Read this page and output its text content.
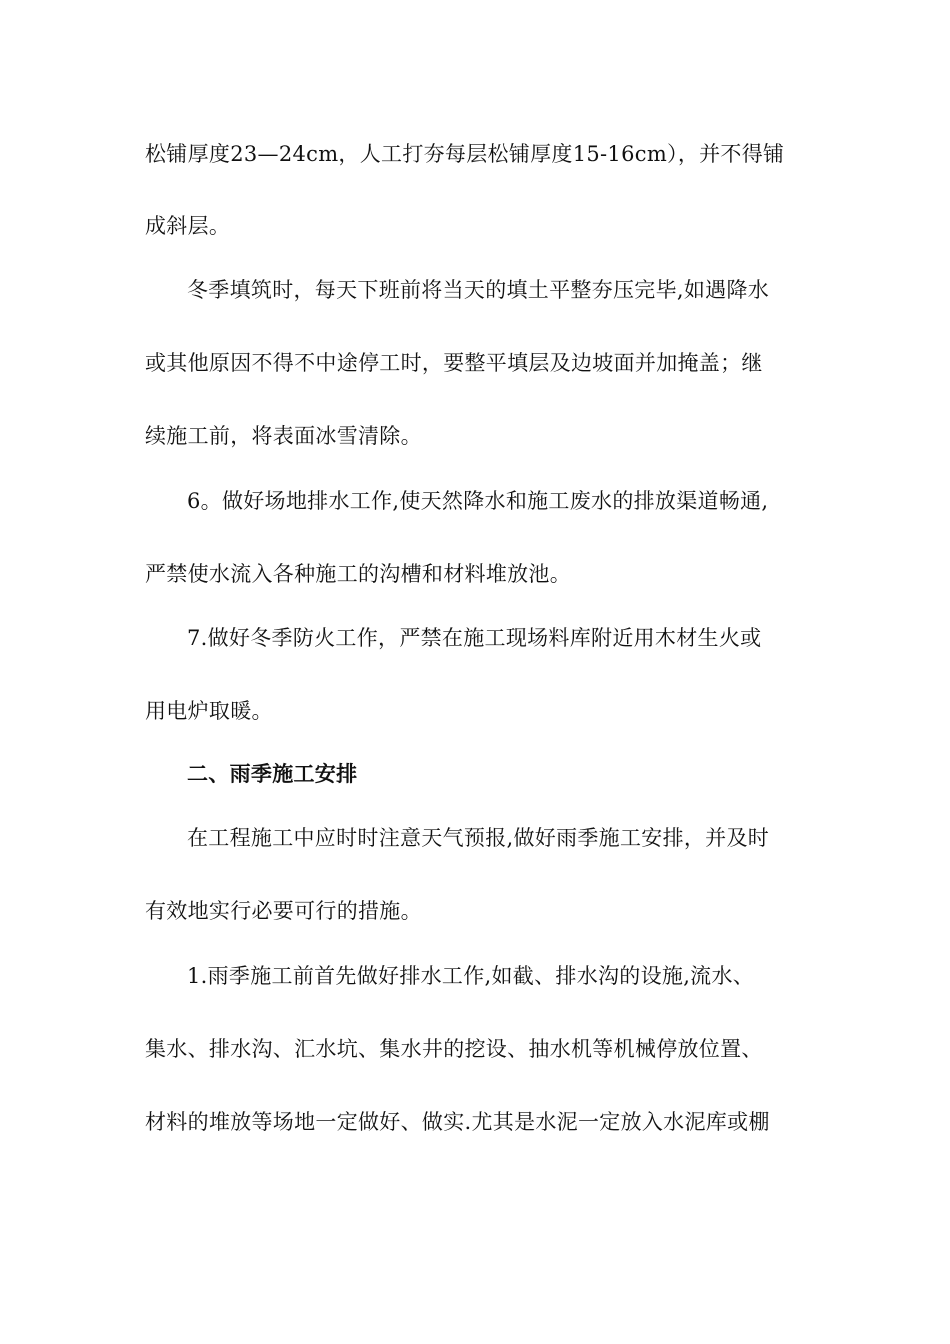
松铺厚度23—24cm，人工打夯每层松铺厚度15-16cm），并不得铺
成斜层。
冬季填筑时，每天下班前将当天的填土平整夯压完毕,如遇降水
或其他原因不得不中途停工时，要整平填层及边坡面并加掩盖；继
续施工前，将表面冰雪清除。
6。做好场地排水工作,使天然降水和施工废水的排放渠道畅通,
严禁使水流入各种施工的沟槽和材料堆放池。
7.做好冬季防火工作，严禁在施工现场料库附近用木材生火或
用电炉取暖。
二、雨季施工安排
在工程施工中应时时注意天气预报,做好雨季施工安排，并及时
有效地实行必要可行的措施。
1.雨季施工前首先做好排水工作,如截、排水沟的设施,流水、
集水、排水沟、汇水坑、集水井的挖设、抽水机等机械停放位置、
材料的堆放等场地一定做好、做实.尤其是水泥一定放入水泥库或棚
